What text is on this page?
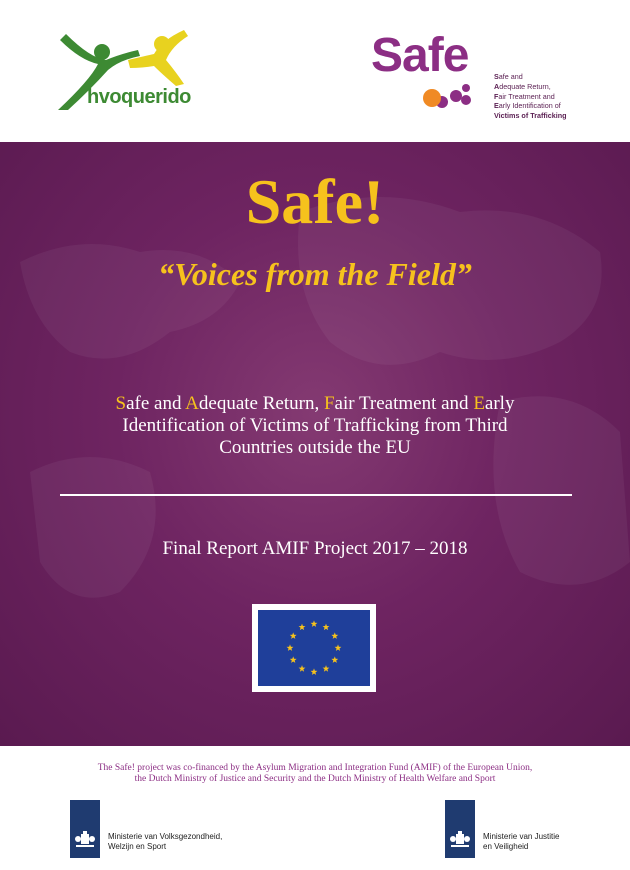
hvoquerido
Safe	Safe and
Adequate Return,
Fair Treatment and
Early Identification of
Victims of Trafficking
Safe!
“Voices from the Field”
Safe and Adequate Return, Fair Treatment and Early
Identification of Victims of Trafficking from Third
Countries outside the EU
Final Report AMIF Project 2017 – 2018
The Safe! project was co-financed by the Asylum Migration and Integration Fund (AMIF) of the European Union,
the Dutch Ministry of Justice and Security and the Dutch Ministry of Health Welfare and Sport
Ministerie van Volksgezondheid,
Welzijn en Sport
Ministerie van Justitie
en Veiligheid
